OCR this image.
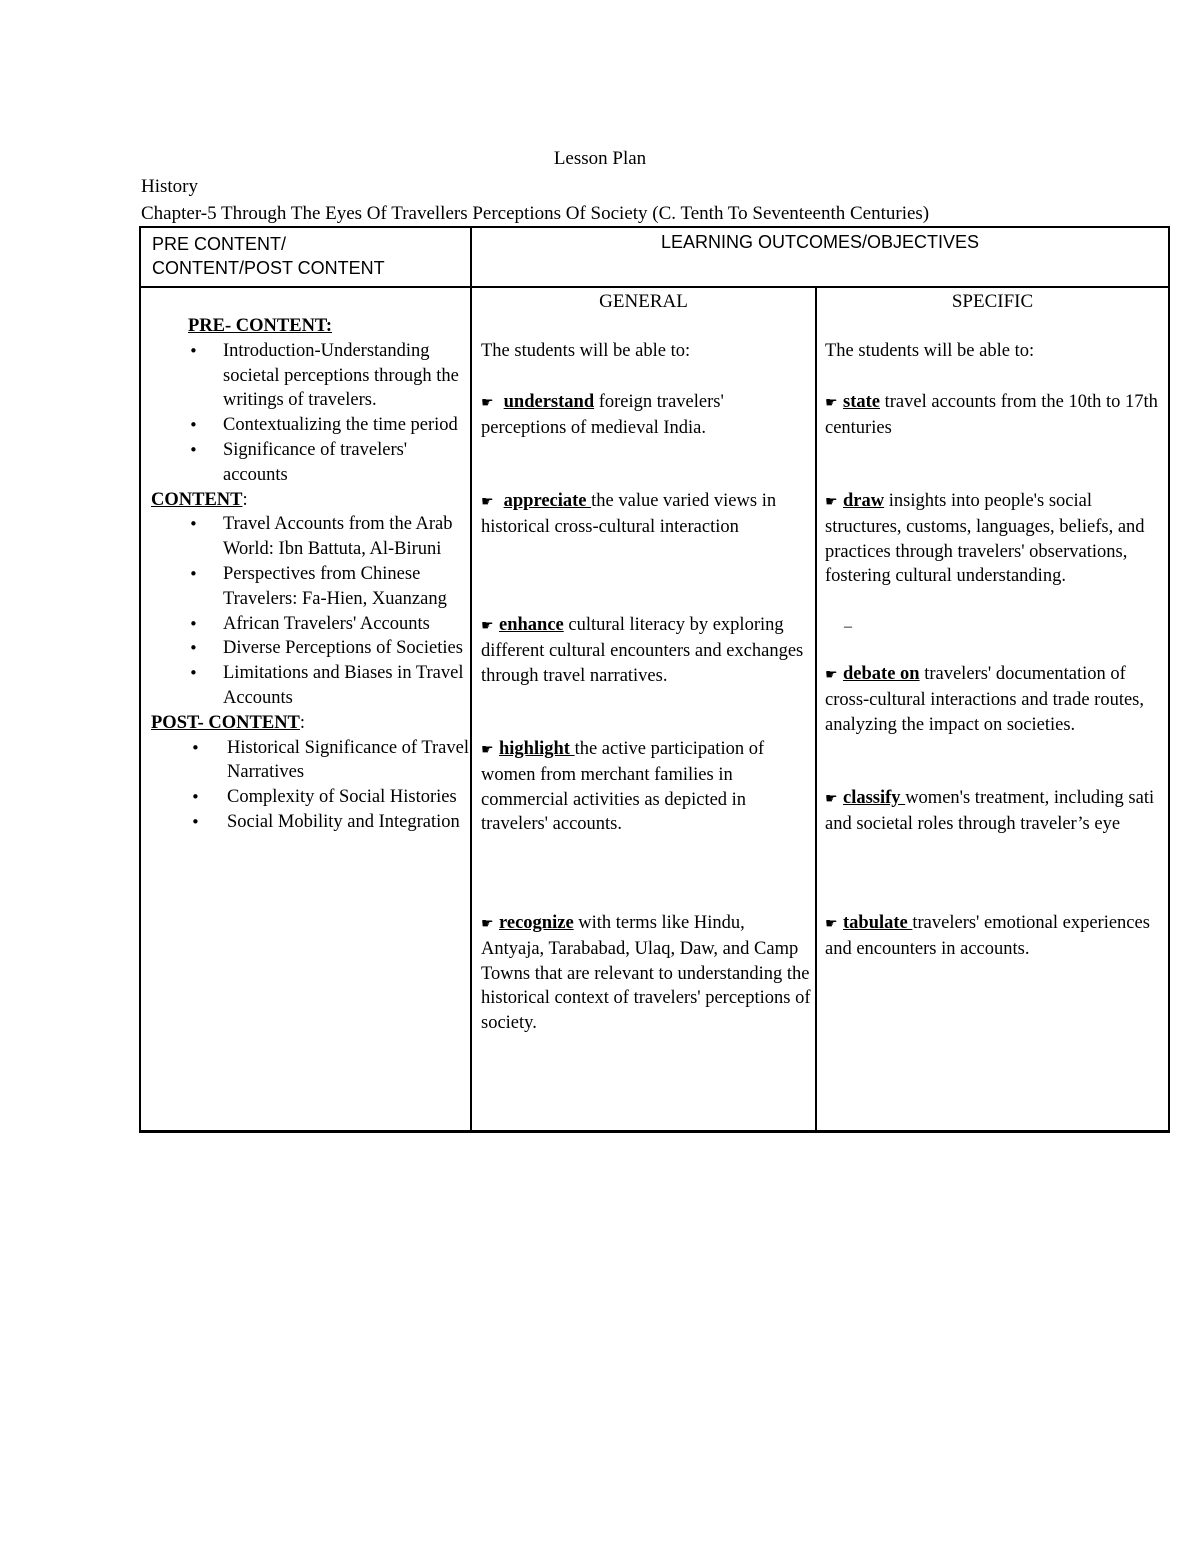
Lesson Plan
History
Chapter-5 Through The Eyes Of Travellers Perceptions Of Society (C. Tenth To Seventeenth Centuries)
PRE CONTENT/
CONTENT/POST CONTENT
LEARNING OUTCOMES/OBJECTIVES
GENERAL	SPECIFIC
PRE- CONTENT:
• Introduction-Understanding societal perceptions through the writings of travelers.
• Contextualizing the time period
• Significance of travelers' accounts
CONTENT:
• Travel Accounts from the Arab World: Ibn Battuta, Al-Biruni
• Perspectives from Chinese Travelers: Fa-Hien, Xuanzang
• African Travelers' Accounts
• Diverse Perceptions of Societies
• Limitations and Biases in Travel Accounts
POST- CONTENT:
• Historical Significance of Travel Narratives
• Complexity of Social Histories
• Social Mobility and Integration
The students will be able to:
☛ understand foreign travelers' perceptions of medieval India.
☛ appreciate the value varied views in historical cross-cultural interaction
☛ enhance cultural literacy by exploring different cultural encounters and exchanges through travel narratives.
☛ highlight the active participation of women from merchant families in commercial activities as depicted in travelers' accounts.
☛ recognize with terms like Hindu, Antyaja, Tarababad, Ulaq, Daw, and Camp Towns that are relevant to understanding the historical context of travelers' perceptions of society.
The students will be able to:
☛ state travel accounts from the 10th to 17th centuries
☛ draw insights into people's social structures, customs, languages, beliefs, and practices through travelers' observations, fostering cultural understanding.
–
☛ debate on travelers' documentation of cross-cultural interactions and trade routes, analyzing the impact on societies.
☛ classify women's treatment, including sati and societal roles through traveler’s eye
☛ tabulate travelers' emotional experiences and encounters in accounts.
